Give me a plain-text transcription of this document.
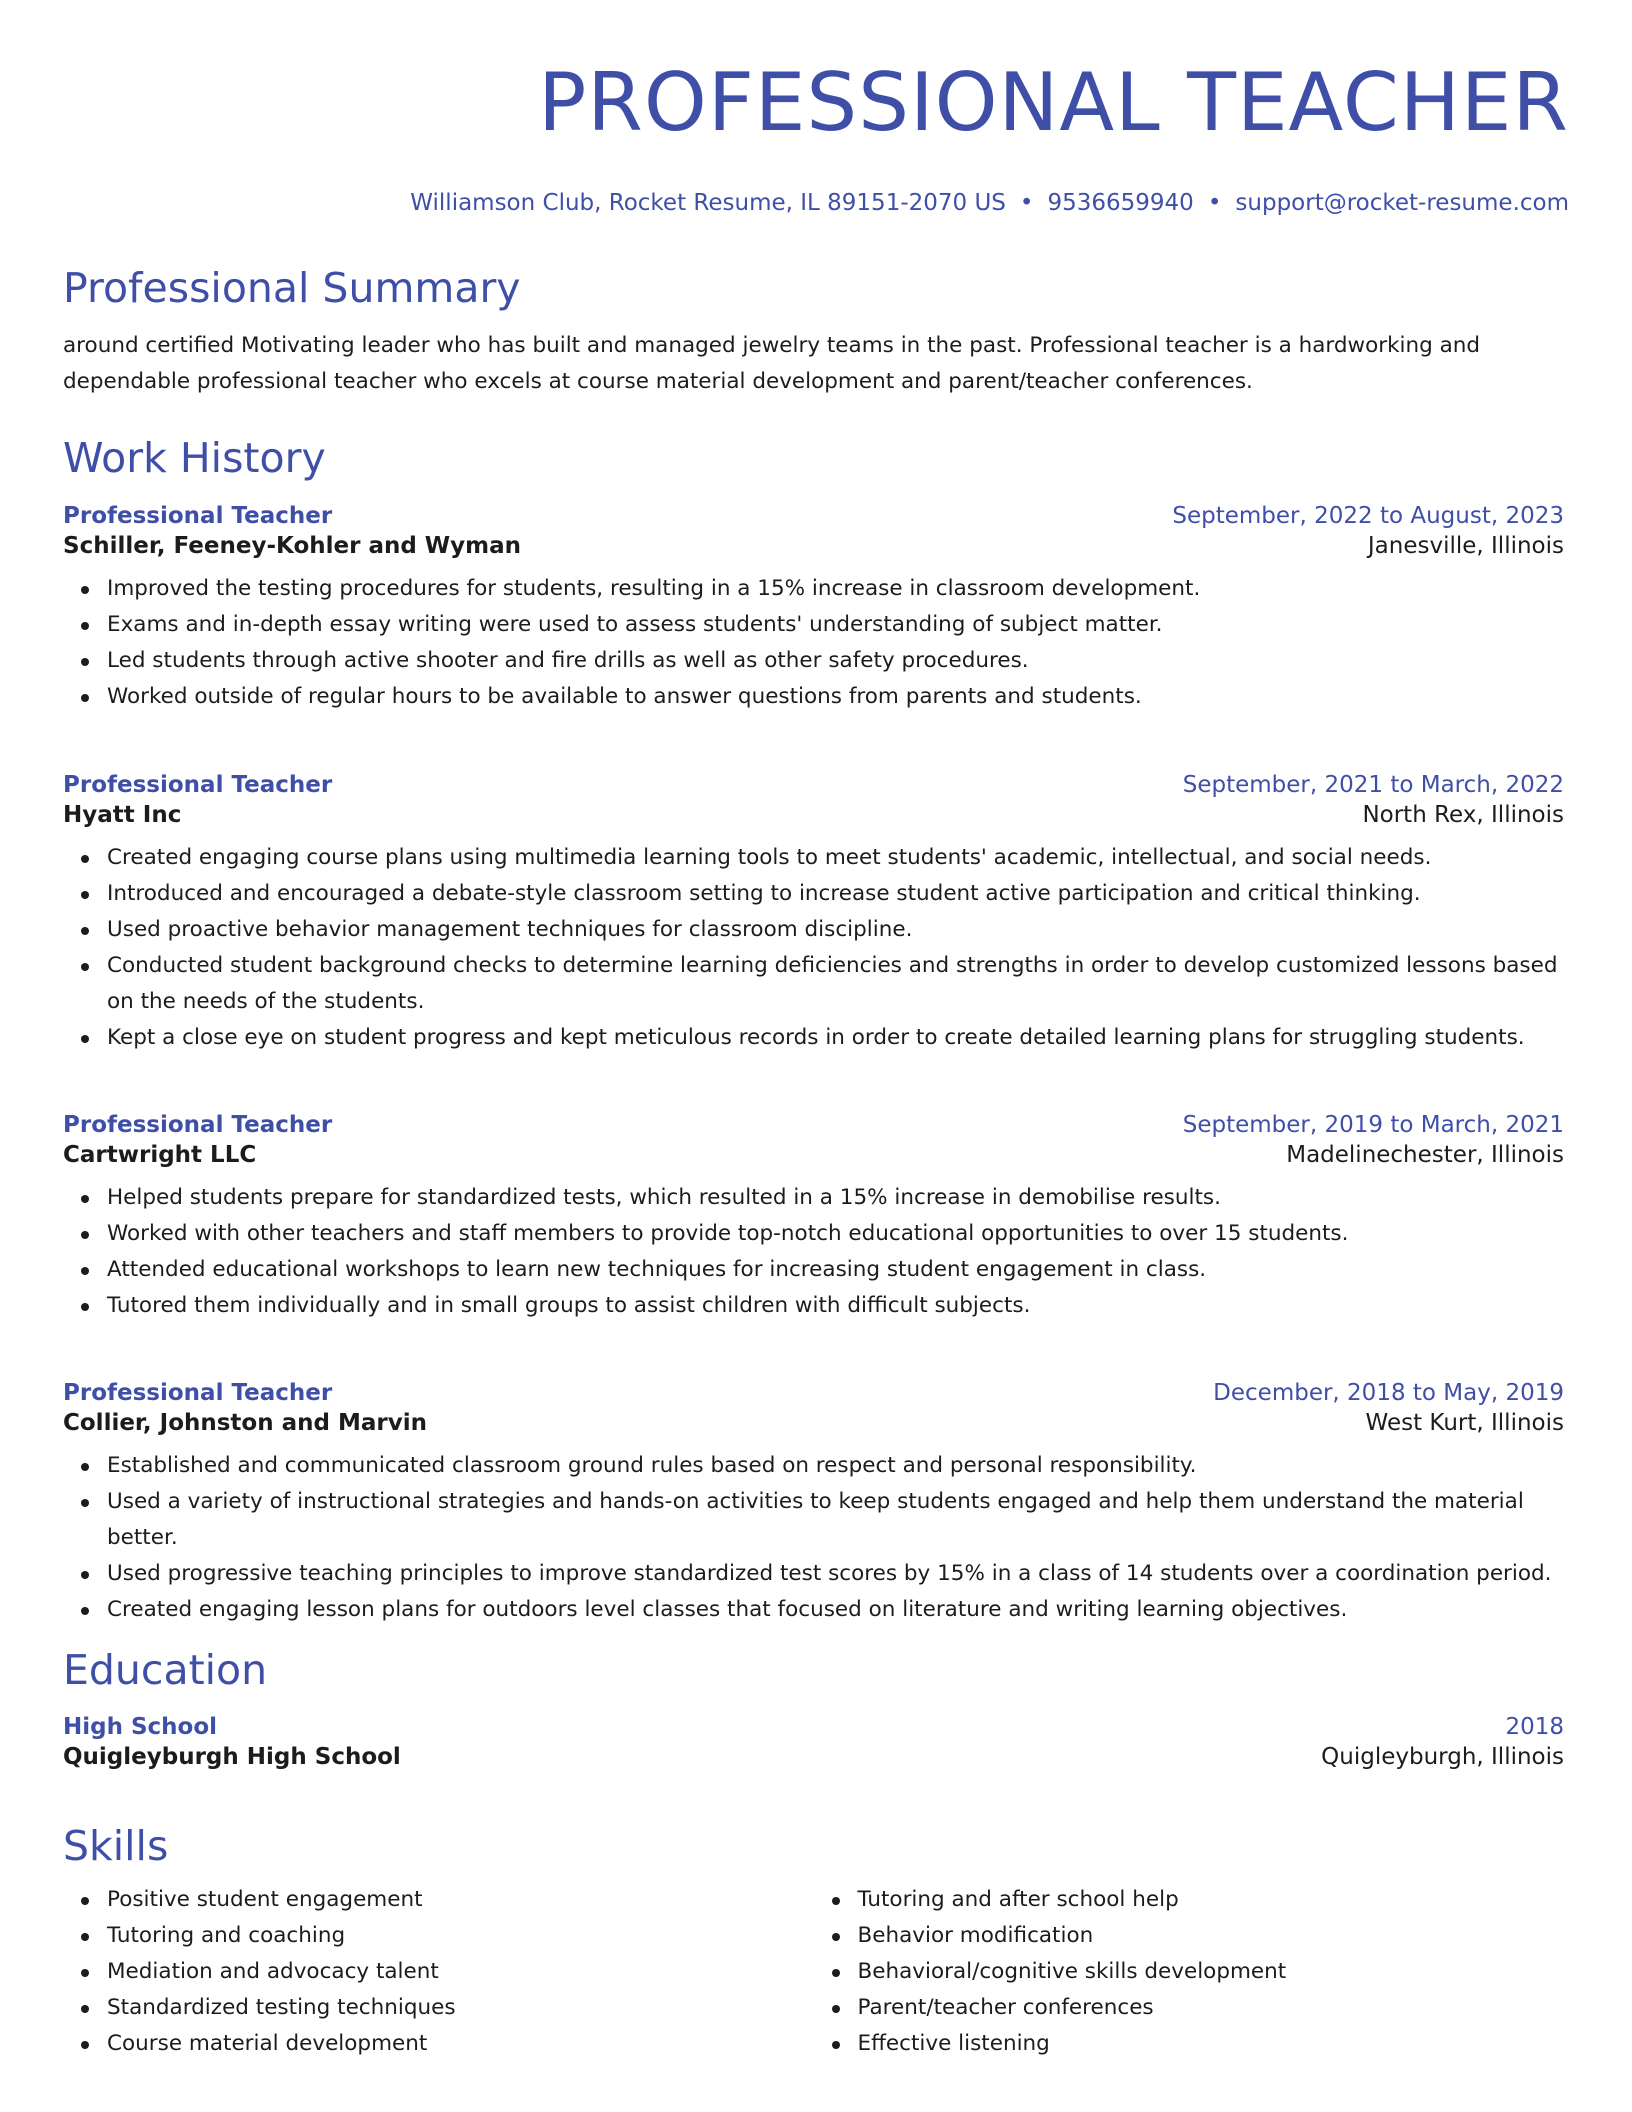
PROFESSIONAL TEACHER
Williamson Club, Rocket Resume, IL 89151-2070 US • 9536659940 • support@rocket-resume.com
Professional Summary
around certified Motivating leader who has built and managed jewelry teams in the past. Professional teacher is a hardworking and dependable professional teacher who excels at course material development and parent/teacher conferences.
Work History
Professional Teacher	September, 2022 to August, 2023
Schiller, Feeney-Kohler and Wyman	Janesville, Illinois
Improved the testing procedures for students, resulting in a 15% increase in classroom development.
Exams and in-depth essay writing were used to assess students' understanding of subject matter.
Led students through active shooter and fire drills as well as other safety procedures.
Worked outside of regular hours to be available to answer questions from parents and students.
Professional Teacher	September, 2021 to March, 2022
Hyatt Inc	North Rex, Illinois
Created engaging course plans using multimedia learning tools to meet students' academic, intellectual, and social needs.
Introduced and encouraged a debate-style classroom setting to increase student active participation and critical thinking.
Used proactive behavior management techniques for classroom discipline.
Conducted student background checks to determine learning deficiencies and strengths in order to develop customized lessons based on the needs of the students.
Kept a close eye on student progress and kept meticulous records in order to create detailed learning plans for struggling students.
Professional Teacher	September, 2019 to March, 2021
Cartwright LLC	Madelinechester, Illinois
Helped students prepare for standardized tests, which resulted in a 15% increase in demobilise results.
Worked with other teachers and staff members to provide top-notch educational opportunities to over 15 students.
Attended educational workshops to learn new techniques for increasing student engagement in class.
Tutored them individually and in small groups to assist children with difficult subjects.
Professional Teacher	December, 2018 to May, 2019
Collier, Johnston and Marvin	West Kurt, Illinois
Established and communicated classroom ground rules based on respect and personal responsibility.
Used a variety of instructional strategies and hands-on activities to keep students engaged and help them understand the material better.
Used progressive teaching principles to improve standardized test scores by 15% in a class of 14 students over a coordination period.
Created engaging lesson plans for outdoors level classes that focused on literature and writing learning objectives.
Education
High School	2018
Quigleyburgh High School	Quigleyburgh, Illinois
Skills
Positive student engagement
Tutoring and coaching
Mediation and advocacy talent
Standardized testing techniques
Course material development
Tutoring and after school help
Behavior modification
Behavioral/cognitive skills development
Parent/teacher conferences
Effective listening
